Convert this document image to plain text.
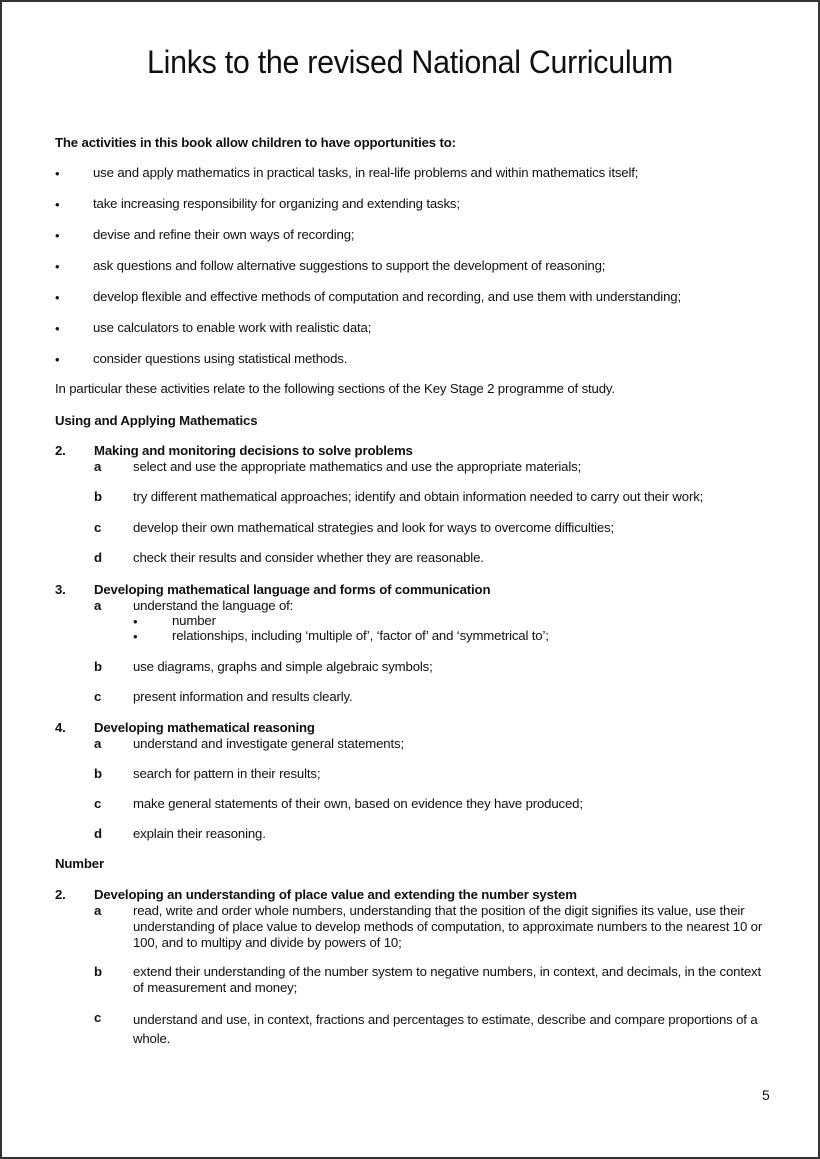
Links to the revised National Curriculum
The activities in this book allow children to have opportunities to:
•	use and apply mathematics in practical tasks, in real-life problems and within mathematics itself;
•	take increasing responsibility for organizing and extending tasks;
•	devise and refine their own ways of recording;
•	ask questions and follow alternative suggestions to support the development of reasoning;
•	develop flexible and effective methods of computation and recording, and use them with understanding;
•	use calculators to enable work with realistic data;
•	consider questions using statistical methods.
In particular these activities relate to the following sections of the Key Stage 2 programme of study.
Using and Applying Mathematics
2. Making and monitoring decisions to solve problems
a select and use the appropriate mathematics and use the appropriate materials;
b try different mathematical approaches; identify and obtain information needed to carry out their work;
c develop their own mathematical strategies and look for ways to overcome difficulties;
d check their results and consider whether they are reasonable.
3. Developing mathematical language and forms of communication
a understand the language of:
•	number
•	relationships, including ‘multiple of’, ‘factor of’ and ‘symmetrical to’;
b use diagrams, graphs and simple algebraic symbols;
c present information and results clearly.
4. Developing mathematical reasoning
a understand and investigate general statements;
b search for pattern in their results;
c make general statements of their own, based on evidence they have produced;
d explain their reasoning.
Number
2. Developing an understanding of place value and extending the number system
a read, write and order whole numbers, understanding that the position of the digit signifies its value, use their understanding of place value to develop methods of computation, to approximate numbers to the nearest 10 or 100, and to multipy and divide by powers of 10;
b extend their understanding of the number system to negative numbers, in context, and decimals, in the context of measurement and money;
c understand and use, in context, fractions and percentages to estimate, describe and compare proportions of a whole.
5
